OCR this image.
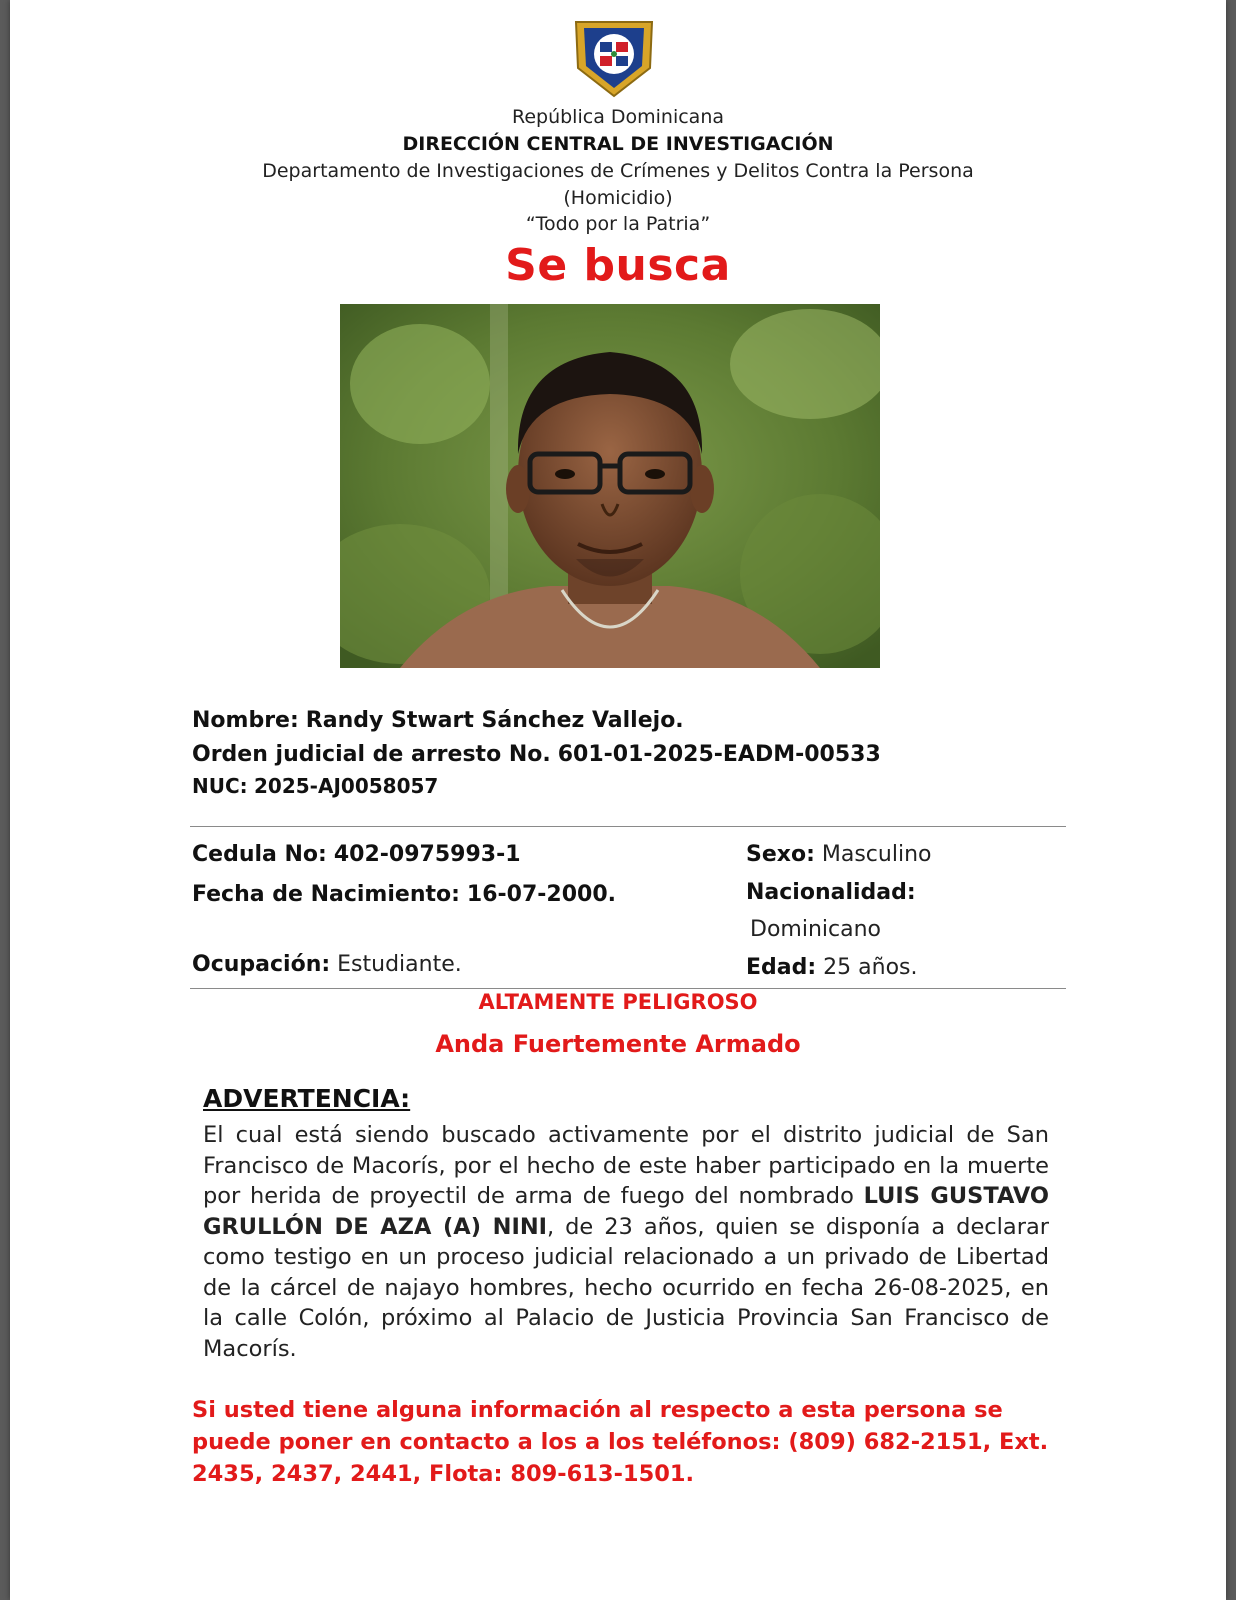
República Dominicana
DIRECCIÓN CENTRAL DE INVESTIGACIÓN
Departamento de Investigaciones de Crímenes y Delitos Contra la Persona
(Homicidio)
“Todo por la Patria”
Se busca
Nombre: Randy Stwart Sánchez Vallejo.
Orden judicial de arresto No. 601-01-2025-EADM-00533
NUC: 2025-AJ0058057
Cedula No: 402-0975993-1
Fecha de Nacimiento: 16-07-2000.
Ocupación: Estudiante.
Sexo: Masculino
Nacionalidad:
Dominicano
Edad: 25 años.
ALTAMENTE PELIGROSO
Anda Fuertemente Armado
ADVERTENCIA:
El cual está siendo buscado activamente por el distrito judicial de San Francisco de Macorís, por el hecho de este haber participado en la muerte por herida de proyectil de arma de fuego del nombrado LUIS GUSTAVO GRULLÓN DE AZA (A) NINI, de 23 años, quien se disponía a declarar como testigo en un proceso judicial relacionado a un privado de Libertad de la cárcel de najayo hombres, hecho ocurrido en fecha 26-08-2025, en la calle Colón, próximo al Palacio de Justicia Provincia San Francisco de Macorís.
Si usted tiene alguna información al respecto a esta persona se puede poner en contacto a los a los teléfonos: (809) 682-2151, Ext. 2435, 2437, 2441, Flota: 809-613-1501.
